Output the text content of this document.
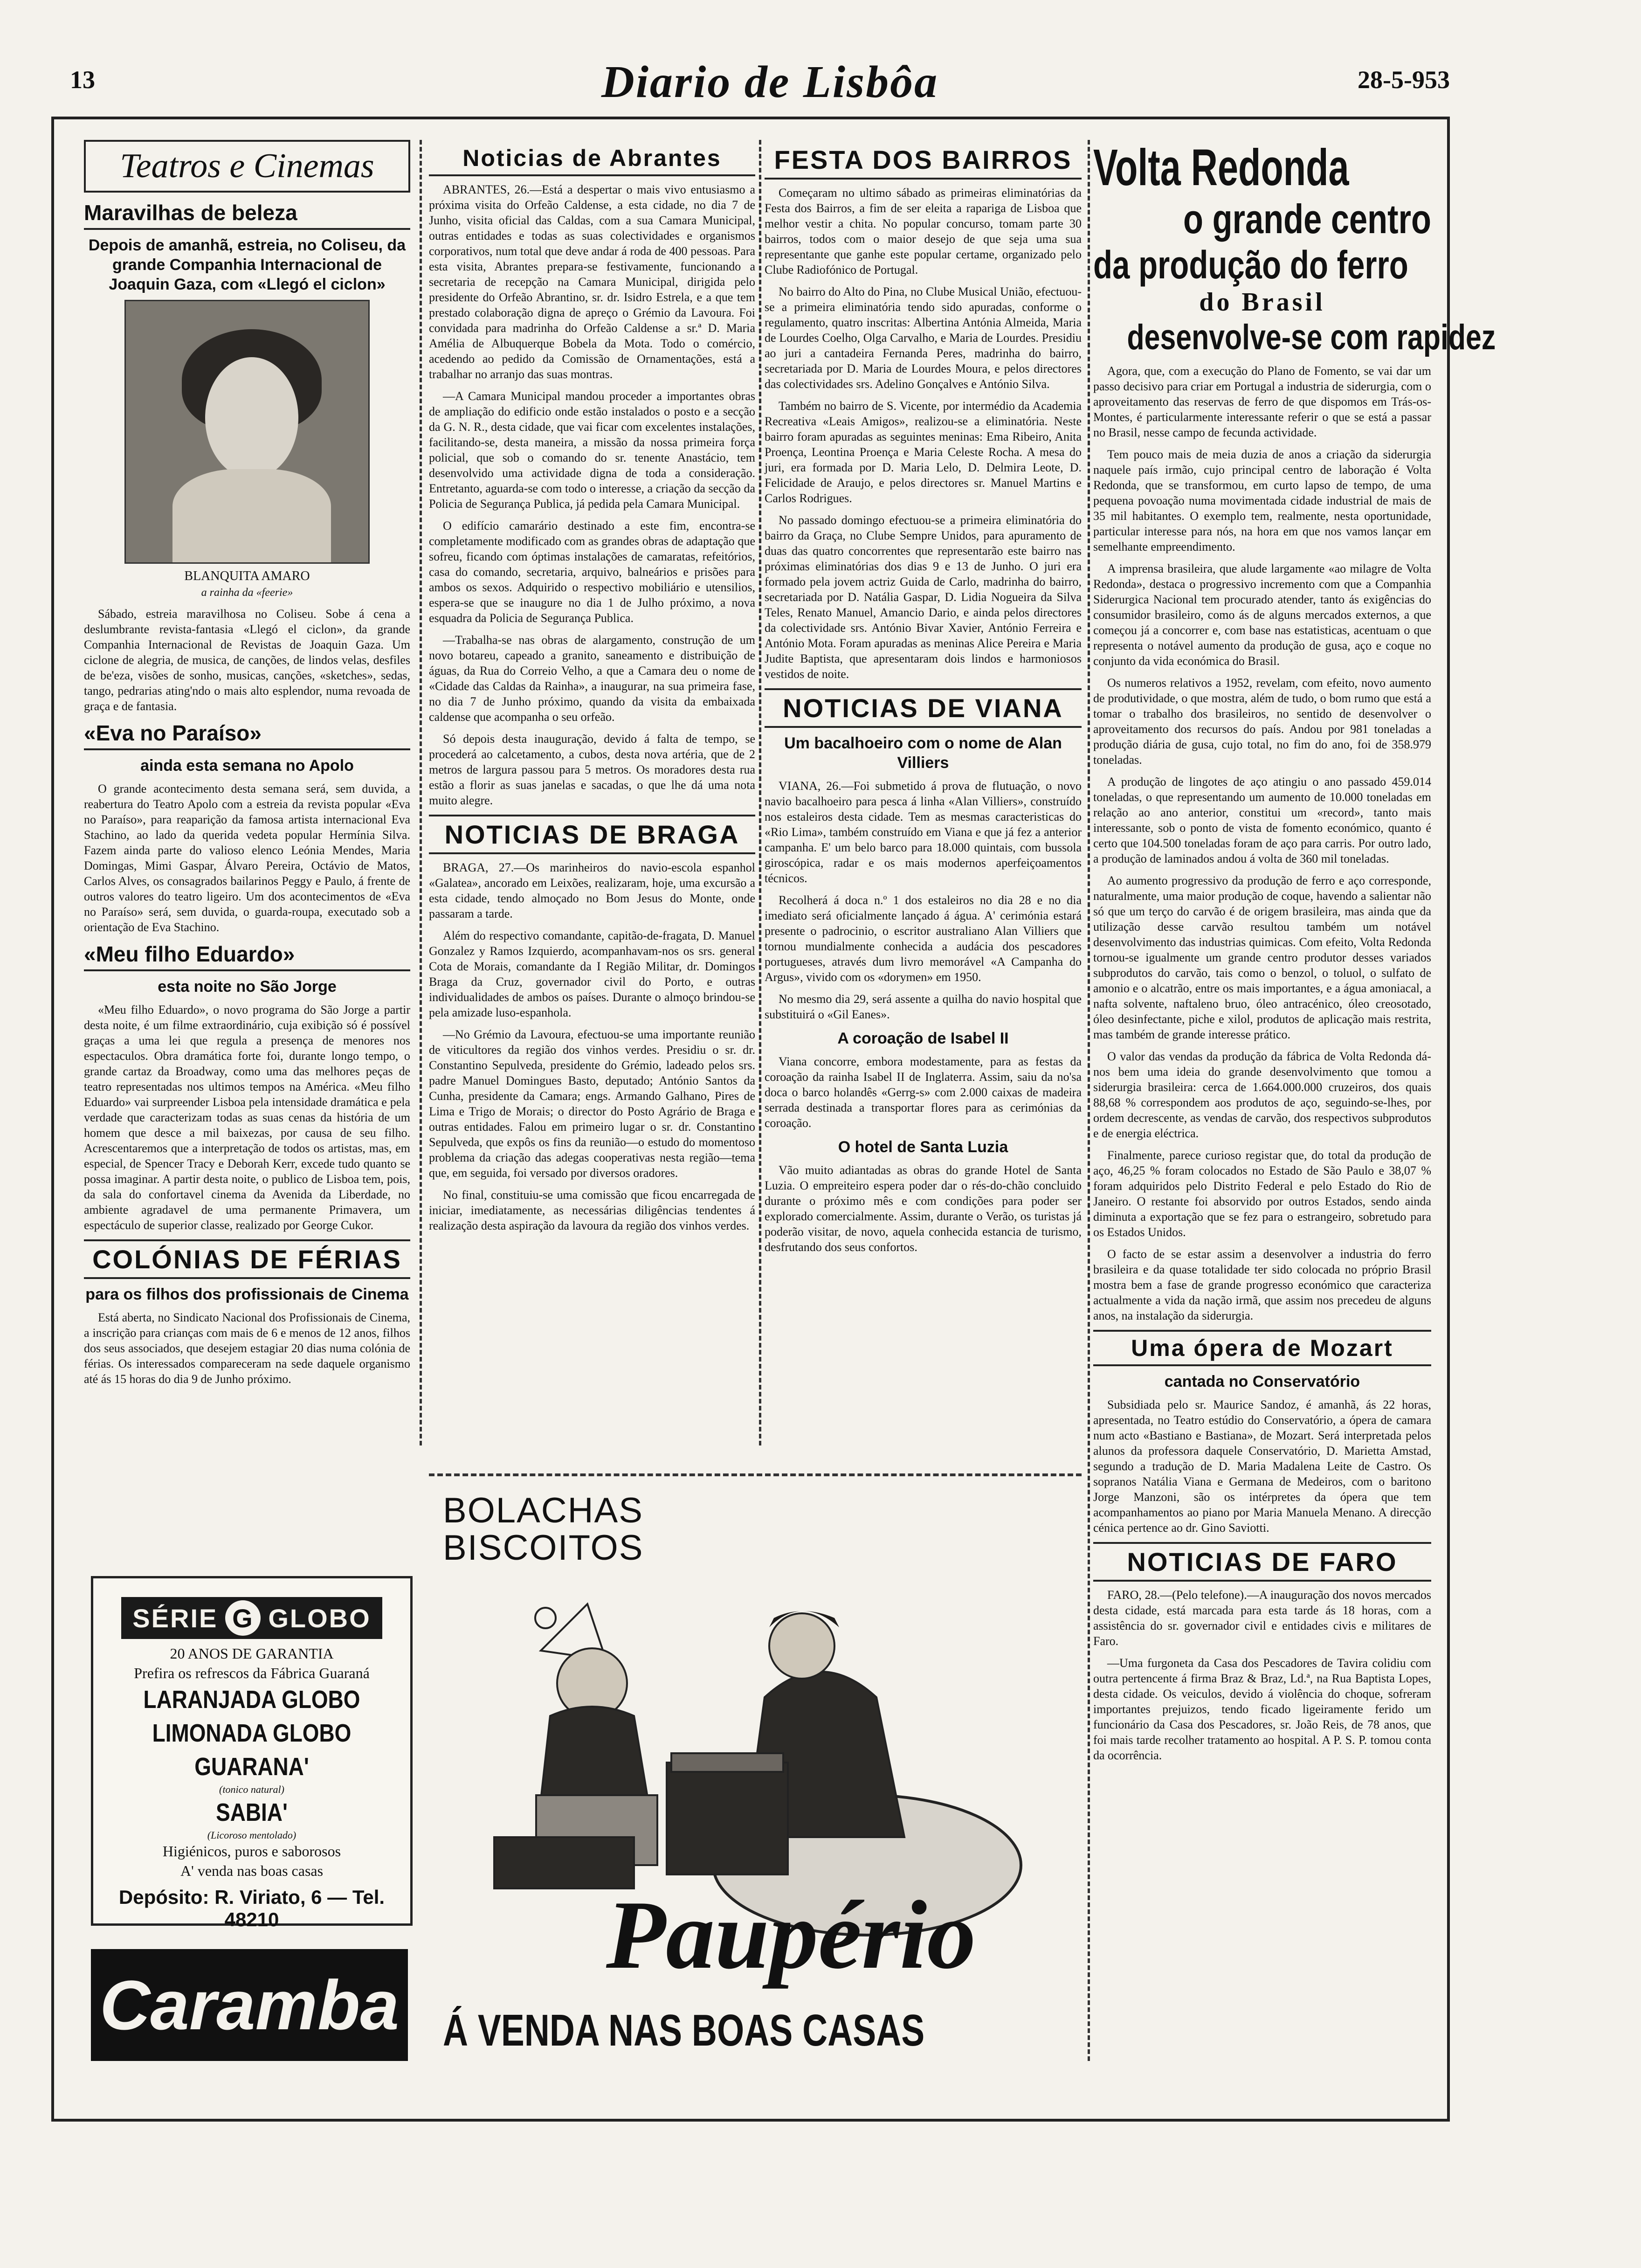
13	Diario de Lisbôa	28-5-953
Teatros e Cinemas
Maravilhas de beleza
Depois de amanhã, estreia, no Coliseu, da grande Companhia Internacional de Joaquin Gaza, com «Llegó el ciclon»
BLANQUITA AMARO
a rainha da «feerie»

Sábado, estreia maravilhosa no Coliseu. Sobe á cena a deslumbrante revista-fantasia «Llegó el ciclon», da grande Companhia Internacional de Revistas de Joaquin Gaza. Um ciclone de alegria, de musica, de canções, de lindos velas, desfiles de be'eza, visões de sonho, musicas, canções, «sketches», sedas, tango, pedrarias ating'ndo o mais alto esplendor, numa revoada de graça e de fantasia.

«Eva no Paraíso»
ainda esta semana no Apolo

O grande acontecimento desta semana será, sem duvida, a reabertura do Teatro Apolo com a estreia da revista popular «Eva no Paraíso», para reaparição da famosa artista internacional Eva Stachino, ao lado da querida vedeta popular Hermínia Silva. Fazem ainda parte do valioso elenco Leónia Mendes, Maria Domingas, Mimi Gaspar, Álvaro Pereira, Octávio de Matos, Carlos Alves, os consagrados bailarinos Peggy e Paulo, á frente de outros valores do teatro ligeiro. Um dos acontecimentos de «Eva no Paraíso» será, sem duvida, o guarda-roupa, executado sob a orientação de Eva Stachino.

«Meu filho Eduardo»
esta noite no São Jorge

«Meu filho Eduardo», o novo programa do São Jorge a partir desta noite, é um filme extraordinário, cuja exibição só é possível graças a uma lei que regula a presença de menores nos espectaculos. Obra dramática forte foi, durante longo tempo, o grande cartaz da Broadway, como uma das melhores peças de teatro representadas nos ultimos tempos na América. «Meu filho Eduardo» vai surpreender Lisboa pela intensidade dramática e pela verdade que caracterizam todas as suas cenas da história de um homem que desce a mil baixezas, por causa de seu filho. Acrescentaremos que a interpretação de todos os artistas, mas, em especial, de Spencer Tracy e Deborah Kerr, excede tudo quanto se possa imaginar. A partir desta noite, o publico de Lisboa tem, pois, da sala do confortavel cinema da Avenida da Liberdade, no ambiente agradavel de uma permanente Primavera, um espectáculo de superior classe, realizado por George Cukor.

COLÓNIAS DE FÉRIAS
para os filhos dos profissionais de Cinema

Está aberta, no Sindicato Nacional dos Profissionais de Cinema, a inscrição para crianças com mais de 6 e menos de 12 anos, filhos dos seus associados, que desejem estagiar 20 dias numa colónia de férias. Os interessados compareceram na sede daquele organismo até ás 15 horas do dia 9 de Junho próximo.

SÉRIE G GLOBO
20 ANOS DE GARANTIA
Prefira os refrescos da Fábrica Guaraná
LARANJADA GLOBO
LIMONADA GLOBO
GUARANA'
(tonico natural)
SABIA'
(Licoroso mentolado)
Higiénicos, puros e saborosos
A' venda nas boas casas
Depósito: R. Viriato, 6 — Tel. 48210
Caramba
Noticias de Abrantes

ABRANTES, 26.—Está a despertar o mais vivo entusiasmo a próxima visita do Orfeão Caldense, a esta cidade, no dia 7 de Junho, visita oficial das Caldas, com a sua Camara Municipal, outras entidades e todas as suas colectividades e organismos corporativos, num total que deve andar á roda de 400 pessoas. Para esta visita, Abrantes prepara-se festivamente, funcionando a secretaria de recepção na Camara Municipal, dirigida pelo presidente do Orfeão Abrantino, sr. dr. Isidro Estrela, e a que tem prestado colaboração digna de apreço o Grémio da Lavoura. Foi convidada para madrinha do Orfeão Caldense a sr.ª D. Maria Amélia de Albuquerque Bobela da Mota. Todo o comércio, acedendo ao pedido da Comissão de Ornamentações, está a trabalhar no arranjo das suas montras.

—A Camara Municipal mandou proceder a importantes obras de ampliação do edificio onde estão instalados o posto e a secção da G. N. R., desta cidade, que vai ficar com excelentes instalações, facilitando-se, desta maneira, a missão da nossa primeira força policial, que sob o comando do sr. tenente Anastácio, tem desenvolvido uma actividade digna de toda a consideração. Entretanto, aguarda-se com todo o interesse, a criação da secção da Policia de Segurança Publica, já pedida pela Camara Municipal.

O edifício camarário destinado a este fim, encontra-se completamente modificado com as grandes obras de adaptação que sofreu, ficando com óptimas instalações de camaratas, refeitórios, casa do comando, secretaria, arquivo, balneários e prisões para ambos os sexos. Adquirido o respectivo mobiliário e utensilios, espera-se que se inaugure no dia 1 de Julho próximo, a nova esquadra da Policia de Segurança Publica.

—Trabalha-se nas obras de alargamento, construção de um novo botareu, capeado a granito, saneamento e distribuição de águas, da Rua do Correio Velho, a que a Camara deu o nome de «Cidade das Caldas da Rainha», a inaugurar, na sua primeira fase, no dia 7 de Junho próximo, quando da visita da embaixada caldense que acompanha o seu orfeão.

Só depois desta inauguração, devido á falta de tempo, se procederá ao calcetamento, a cubos, desta nova artéria, que de 2 metros de largura passou para 5 metros. Os moradores desta rua estão a florir as suas janelas e sacadas, o que lhe dá uma nota muito alegre.

NOTICIAS DE BRAGA

BRAGA, 27.—Os marinheiros do navio-escola espanhol «Galatea», ancorado em Leixões, realizaram, hoje, uma excursão a esta cidade, tendo almoçado no Bom Jesus do Monte, onde passaram a tarde.

Além do respectivo comandante, capitão-de-fragata, D. Manuel Gonzalez y Ramos Izquierdo, acompanhavam-nos os srs. general Cota de Morais, comandante da I Região Militar, dr. Domingos Braga da Cruz, governador civil do Porto, e outras individualidades de ambos os países. Durante o almoço brindou-se pela amizade luso-espanhola.

—No Grémio da Lavoura, efectuou-se uma importante reunião de viticultores da região dos vinhos verdes. Presidiu o sr. dr. Constantino Sepulveda, presidente do Grémio, ladeado pelos srs. padre Manuel Domingues Basto, deputado; António Santos da Cunha, presidente da Camara; engs. Armando Galhano, Pires de Lima e Trigo de Morais; o director do Posto Agrário de Braga e outras entidades. Falou em primeiro lugar o sr. dr. Constantino Sepulveda, que expôs os fins da reunião—o estudo do momentoso problema da criação das adegas cooperativas nesta região—tema que, em seguida, foi versado por diversos oradores.

No final, constituiu-se uma comissão que ficou encarregada de iniciar, imediatamente, as necessárias diligências tendentes á realização desta aspiração da lavoura da região dos vinhos verdes.

FESTA DOS BAIRROS

Começaram no ultimo sábado as primeiras eliminatórias da Festa dos Bairros, a fim de ser eleita a rapariga de Lisboa que melhor vestir a chita. No popular concurso, tomam parte 30 bairros, todos com o maior desejo de que seja uma sua representante que ganhe este popular certame, organizado pelo Clube Radiofónico de Portugal.

No bairro do Alto do Pina, no Clube Musical União, efectuou-se a primeira eliminatória tendo sido apuradas, conforme o regulamento, quatro inscritas: Albertina Antónia Almeida, Maria de Lourdes Coelho, Olga Carvalho, e Maria de Lourdes. Presidiu ao juri a cantadeira Fernanda Peres, madrinha do bairro, secretariada por D. Maria de Lourdes Moura, e pelos directores das colectividades srs. Adelino Gonçalves e António Silva.

Também no bairro de S. Vicente, por intermédio da Academia Recreativa «Leais Amigos», realizou-se a eliminatória. Neste bairro foram apuradas as seguintes meninas: Ema Ribeiro, Anita Proença, Leontina Proença e Maria Celeste Rocha. A mesa do juri, era formada por D. Maria Lelo, D. Delmira Leote, D. Felicidade de Araujo, e pelos directores sr. Manuel Martins e Carlos Rodrigues.

No passado domingo efectuou-se a primeira eliminatória do bairro da Graça, no Clube Sempre Unidos, para apuramento de duas das quatro concorrentes que representarão este bairro nas próximas eliminatórias dos dias 9 e 13 de Junho. O juri era formado pela jovem actriz Guida de Carlo, madrinha do bairro, secretariada por D. Natália Gaspar, D. Lidia Nogueira da Silva Teles, Renato Manuel, Amancio Dario, e ainda pelos directores da colectividade srs. António Bivar Xavier, António Ferreira e António Mota. Foram apuradas as meninas Alice Pereira e Maria Judite Baptista, que apresentaram dois lindos e harmoniosos vestidos de noite.

NOTICIAS DE VIANA
Um bacalhoeiro com o nome de Alan Villiers

VIANA, 26.—Foi submetido á prova de flutuação, o novo navio bacalhoeiro para pesca á linha «Alan Villiers», construído nos estaleiros desta cidade. Tem as mesmas caracteristicas do «Rio Lima», também construído em Viana e que já fez a anterior campanha. E' um belo barco para 18.000 quintais, com bussola giroscópica, radar e os mais modernos aperfeiçoamentos técnicos.

Recolherá á doca n.º 1 dos estaleiros no dia 28 e no dia imediato será oficialmente lançado á água. A' cerimónia estará presente o padrocinio, o escritor australiano Alan Villiers que tornou mundialmente conhecida a audácia dos pescadores portugueses, através dum livro memorável «A Campanha do Argus», vivido com os «dorymen» em 1950.

No mesmo dia 29, será assente a quilha do navio hospital que substituirá o «Gil Eanes».

A coroação de Isabel II

Viana concorre, embora modestamente, para as festas da coroação da rainha Isabel II de Inglaterra. Assim, saiu da no'sa doca o barco holandês «Gerrg-s» com 2.000 caixas de madeira serrada destinada a transportar flores para as cerimónias da coroação.

O hotel de Santa Luzia

Vão muito adiantadas as obras do grande Hotel de Santa Luzia. O empreiteiro espera poder dar o rés-do-chão concluido durante o próximo mês e com condições para poder ser explorado comercialmente. Assim, durante o Verão, os turistas já poderão visitar, de novo, aquela conhecida estancia de turismo, desfrutando dos seus confortos.

Volta Redonda
o grande centro
da produção do ferro
do Brasil
desenvolve-se com rapidez

Agora, que, com a execução do Plano de Fomento, se vai dar um passo decisivo para criar em Portugal a industria de siderurgia, com o aproveitamento das reservas de ferro de que dispomos em Trás-os-Montes, é particularmente interessante referir o que se está a passar no Brasil, nesse campo de fecunda actividade.

Tem pouco mais de meia duzia de anos a criação da siderurgia naquele país irmão, cujo principal centro de laboração é Volta Redonda, que se transformou, em curto lapso de tempo, de uma pequena povoação numa movimentada cidade industrial de mais de 35 mil habitantes. O exemplo tem, realmente, nesta oportunidade, particular interesse para nós, na hora em que nos vamos lançar em semelhante empreendimento.

A imprensa brasileira, que alude largamente «ao milagre de Volta Redonda», destaca o progressivo incremento com que a Companhia Siderurgica Nacional tem procurado atender, tanto ás exigências do consumidor brasileiro, como ás de alguns mercados externos, a que começou já a concorrer e, com base nas estatisticas, acentuam o que representa o notável aumento da produção de gusa, aço e coque no conjunto da vida económica do Brasil.

Os numeros relativos a 1952, revelam, com efeito, novo aumento de produtividade, o que mostra, além de tudo, o bom rumo que está a tomar o trabalho dos brasileiros, no sentido de desenvolver o aproveitamento dos recursos do país. Andou por 981 toneladas a produção diária de gusa, cujo total, no fim do ano, foi de 358.979 toneladas.

A produção de lingotes de aço atingiu o ano passado 459.014 toneladas, o que representando um aumento de 10.000 toneladas em relação ao ano anterior, constitui um «record», tanto mais interessante, sob o ponto de vista de fomento económico, quanto é certo que 104.500 toneladas foram de aço para carris. Por outro lado, a produção de laminados andou á volta de 360 mil toneladas.

Ao aumento progressivo da produção de ferro e aço corresponde, naturalmente, uma maior produção de coque, havendo a salientar não só que um terço do carvão é de origem brasileira, mas ainda que da utilização desse carvão resultou também um notável desenvolvimento das industrias quimicas. Com efeito, Volta Redonda tornou-se igualmente um grande centro produtor desses variados subprodutos do carvão, tais como o benzol, o toluol, o sulfato de amonio e o alcatrão, entre os mais importantes, e a água amoniacal, a nafta solvente, naftaleno bruo, óleo antracénico, óleo creosotado, óleo desinfectante, piche e xilol, produtos de aplicação mais restrita, mas também de grande interesse prático.

O valor das vendas da produção da fábrica de Volta Redonda dá-nos bem uma ideia do grande desenvolvimento que tomou a siderurgia brasileira: cerca de 1.664.000.000 cruzeiros, dos quais 88,68 % correspondem aos produtos de aço, seguindo-se-lhes, por ordem decrescente, as vendas de carvão, dos respectivos subprodutos e de energia eléctrica.

Finalmente, parece curioso registar que, do total da produção de aço, 46,25 % foram colocados no Estado de São Paulo e 38,07 % foram adquiridos pelo Distrito Federal e pelo Estado do Rio de Janeiro. O restante foi absorvido por outros Estados, sendo ainda diminuta a exportação que se fez para o estrangeiro, sobretudo para os Estados Unidos.

O facto de se estar assim a desenvolver a industria do ferro brasileira e da quase totalidade ter sido colocada no próprio Brasil mostra bem a fase de grande progresso económico que caracteriza actualmente a vida da nação irmã, que assim nos precedeu de alguns anos, na instalação da siderurgia.

Uma ópera de Mozart
cantada no Conservatório

Subsidiada pelo sr. Maurice Sandoz, é amanhã, ás 22 horas, apresentada, no Teatro estúdio do Conservatório, a ópera de camara num acto «Bastiano e Bastiana», de Mozart. Será interpretada pelos alunos da professora daquele Conservatório, D. Marietta Amstad, segundo a tradução de D. Maria Madalena Leite de Castro. Os sopranos Natália Viana e Germana de Medeiros, com o baritono Jorge Manzoni, são os intérpretes da ópera que tem acompanhamentos ao piano por Maria Manuela Menano. A direcção cénica pertence ao dr. Gino Saviotti.

NOTICIAS DE FARO

FARO, 28.—(Pelo telefone).—A inauguração dos novos mercados desta cidade, está marcada para esta tarde ás 18 horas, com a assistência do sr. governador civil e entidades civis e militares de Faro.

—Uma furgoneta da Casa dos Pescadores de Tavira colidiu com outra pertencente á firma Braz & Braz, Ld.ª, na Rua Baptista Lopes, desta cidade. Os veiculos, devido á violência do choque, sofreram importantes prejuizos, tendo ficado ligeiramente ferido um funcionário da Casa dos Pescadores, sr. João Reis, de 78 anos, que foi mais tarde recolher tratamento ao hospital. A P. S. P. tomou conta da ocorrência.

BOLACHAS
BISCOITOS
Paupério
Á VENDA NAS BOAS CASAS
